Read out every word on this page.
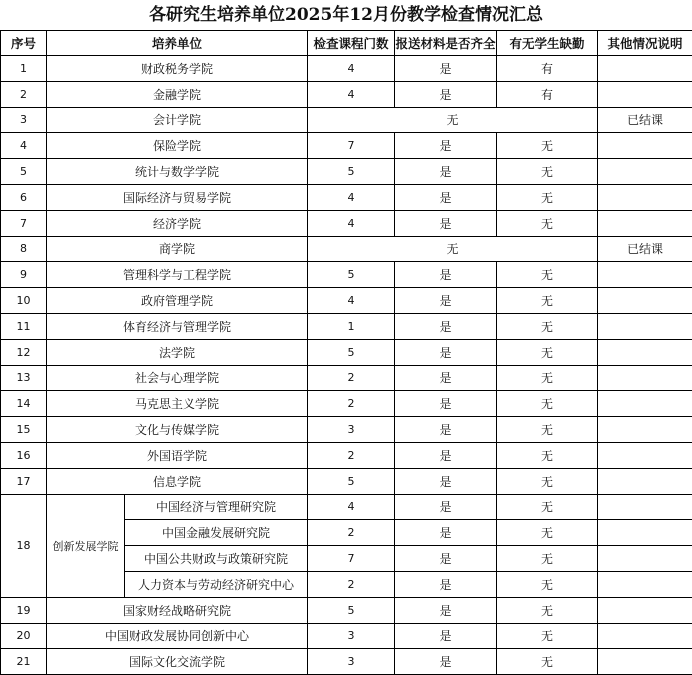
各研究生培养单位2025年12月份教学检查情况汇总
序号	培养单位		检查课程门数	报送材料是否齐全	有无学生缺勤	其他情况说明
1	财政税务学院		4	是	有	
2	金融学院		4	是	有	
3	会计学院		无			已结课
4	保险学院		7	是	无	
5	统计与数学学院		5	是	无	
6	国际经济与贸易学院		4	是	无	
7	经济学院		4	是	无	
8	商学院		无			已结课
9	管理科学与工程学院		5	是	无	
10	政府管理学院		4	是	无	
11	体育经济与管理学院		1	是	无	
12	法学院		5	是	无	
13	社会与心理学院		2	是	无	
14	马克思主义学院		2	是	无	
15	文化与传媒学院		3	是	无	
16	外国语学院		2	是	无	
17	信息学院		5	是	无	
18	创新发展学院	中国经济与管理研究院	4	是	无	
		中国金融发展研究院	2	是	无	
		中国公共财政与政策研究院	7	是	无	
		人力资本与劳动经济研究中心	2	是	无	
19	国家财经战略研究院		5	是	无	
20	中国财政发展协同创新中心		3	是	无	
21	国际文化交流学院		3	是	无	
